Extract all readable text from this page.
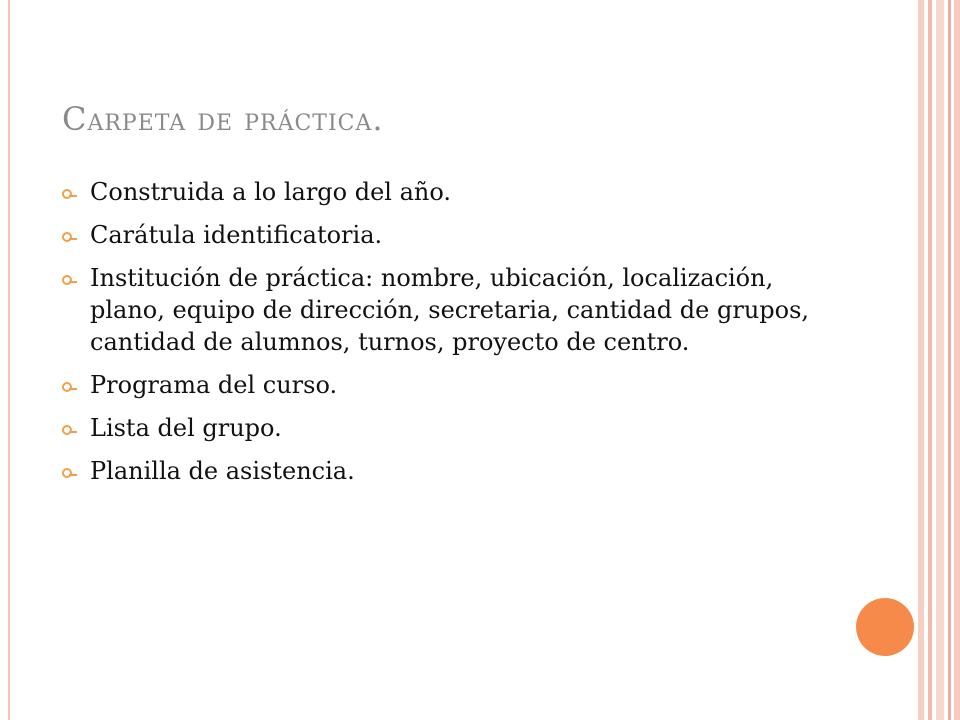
Carpeta de práctica.
Construida a lo largo del año.
Carátula identificatoria.
Institución de práctica: nombre, ubicación, localización, plano, equipo de dirección, secretaria, cantidad de grupos, cantidad de alumnos, turnos, proyecto de centro.
Programa del curso.
Lista del grupo.
Planilla de asistencia.
